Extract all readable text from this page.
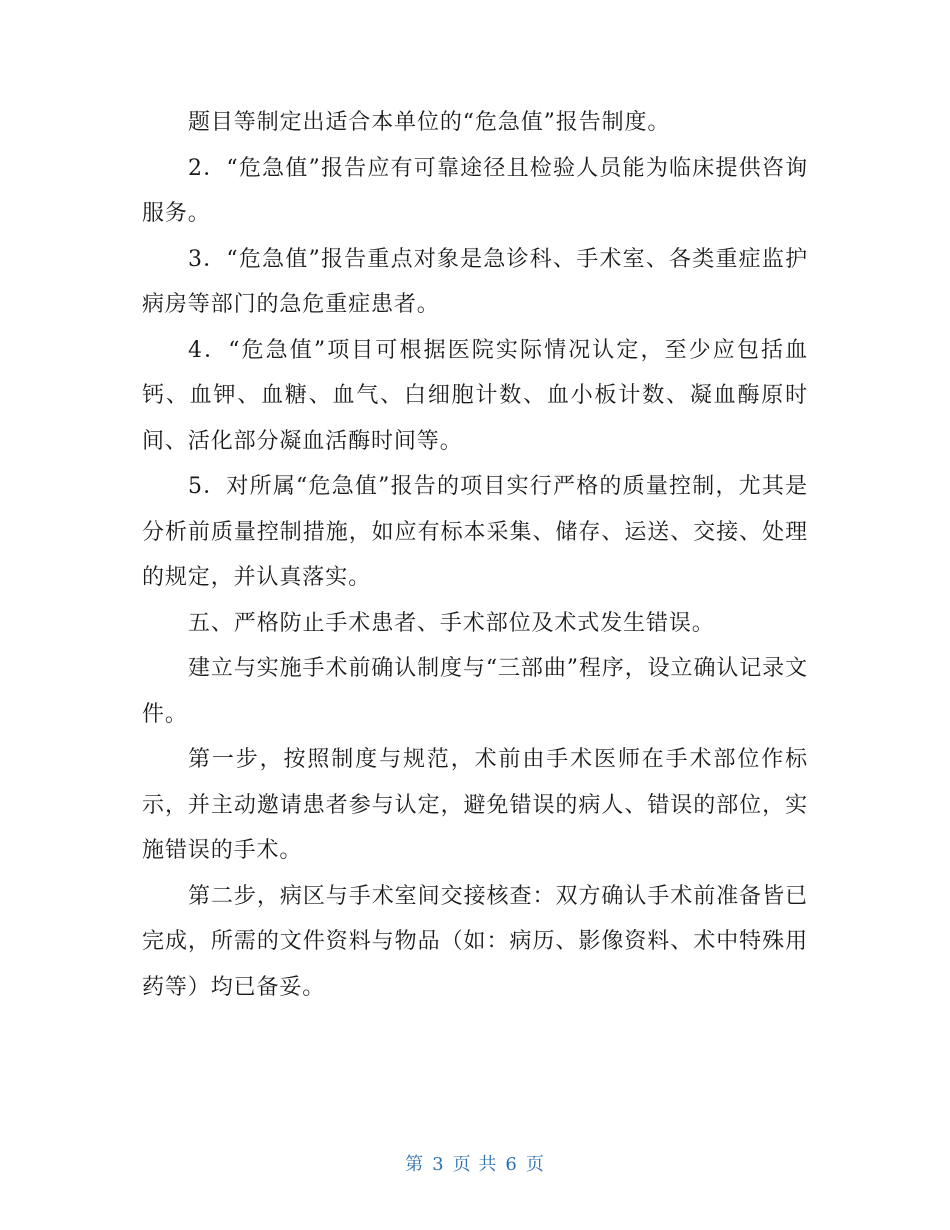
题目等制定出适合本单位的“危急值”报告制度。

2．“危急值”报告应有可靠途径且检验人员能为临床提供咨询服务。

3．“危急值”报告重点对象是急诊科、手术室、各类重症监护病房等部门的急危重症患者。

4．“危急值”项目可根据医院实际情况认定，至少应包括血钙、血钾、血糖、血气、白细胞计数、血小板计数、凝血酶原时间、活化部分凝血活酶时间等。

5．对所属“危急值”报告的项目实行严格的质量控制，尤其是分析前质量控制措施，如应有标本采集、储存、运送、交接、处理的规定，并认真落实。

五、严格防止手术患者、手术部位及术式发生错误。

建立与实施手术前确认制度与“三部曲”程序，设立确认记录文件。

第一步，按照制度与规范，术前由手术医师在手术部位作标示，并主动邀请患者参与认定，避免错误的病人、错误的部位，实施错误的手术。

第二步，病区与手术室间交接核查：双方确认手术前准备皆已完成，所需的文件资料与物品（如：病历、影像资料、术中特殊用药等）均已备妥。

第 3 页 共 6 页
